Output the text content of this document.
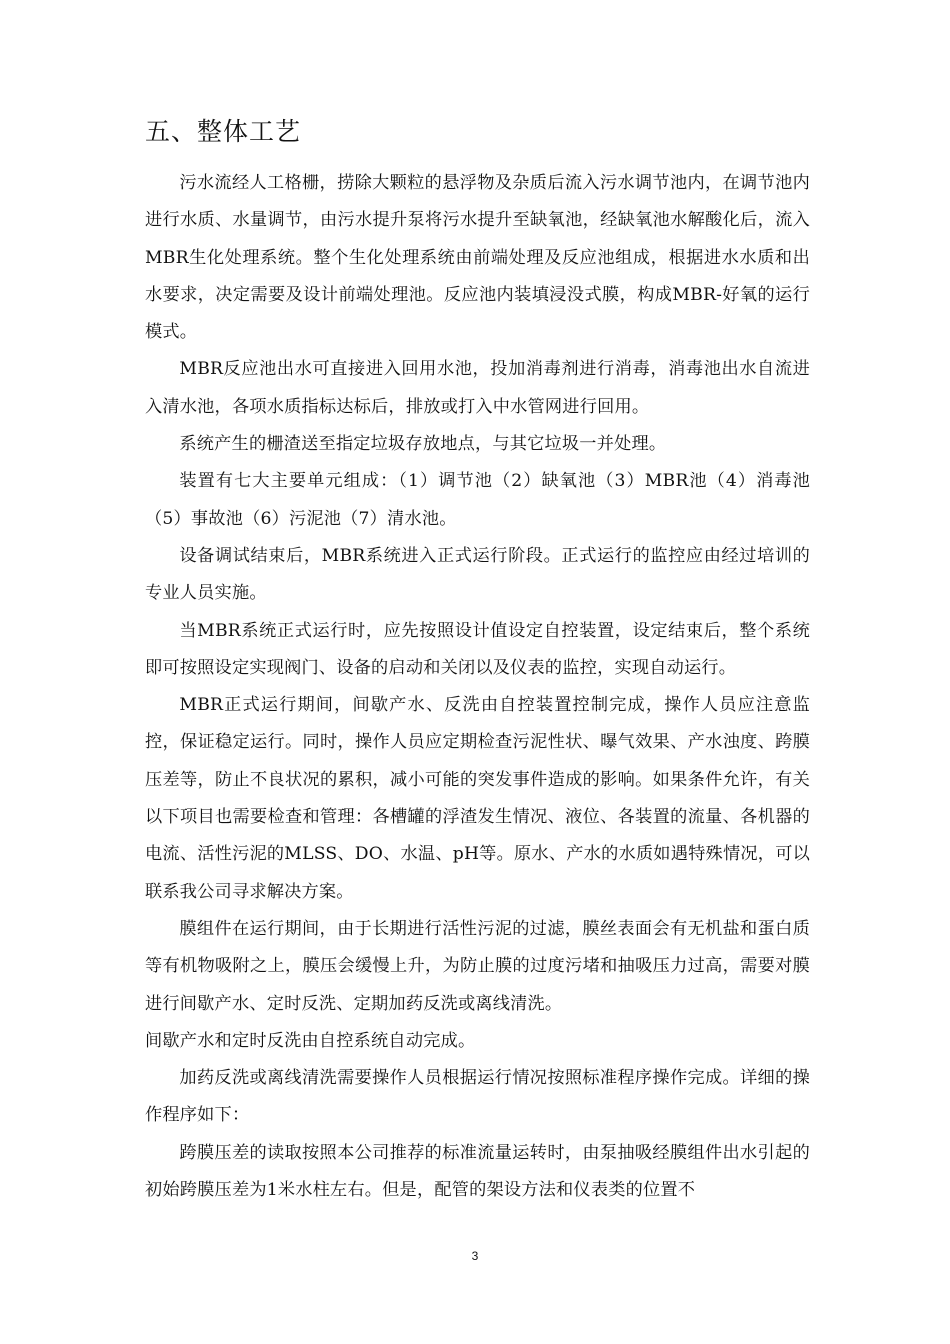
五、整体工艺

污水流经人工格栅，捞除大颗粒的悬浮物及杂质后流入污水调节池内，在调节池内进行水质、水量调节，由污水提升泵将污水提升至缺氧池，经缺氧池水解酸化后，流入MBR生化处理系统。整个生化处理系统由前端处理及反应池组成，根据进水水质和出水要求，决定需要及设计前端处理池。反应池内装填浸没式膜，构成MBR-好氧的运行模式。

MBR反应池出水可直接进入回用水池，投加消毒剂进行消毒，消毒池出水自流进入清水池，各项水质指标达标后，排放或打入中水管网进行回用。

系统产生的栅渣送至指定垃圾存放地点，与其它垃圾一并处理。

装置有七大主要单元组成：（1）调节池（2）缺氧池（3）MBR池（4）消毒池（5）事故池（6）污泥池（7）清水池。

设备调试结束后，MBR系统进入正式运行阶段。正式运行的监控应由经过培训的专业人员实施。

当MBR系统正式运行时，应先按照设计值设定自控装置，设定结束后，整个系统即可按照设定实现阀门、设备的启动和关闭以及仪表的监控，实现自动运行。

MBR正式运行期间，间歇产水、反洗由自控装置控制完成，操作人员应注意监控，保证稳定运行。同时，操作人员应定期检查污泥性状、曝气效果、产水浊度、跨膜压差等，防止不良状况的累积，减小可能的突发事件造成的影响。如果条件允许，有关以下项目也需要检查和管理：各槽罐的浮渣发生情况、液位、各装置的流量、各机器的电流、活性污泥的MLSS、DO、水温、pH等。原水、产水的水质如遇特殊情况，可以联系我公司寻求解决方案。

膜组件在运行期间，由于长期进行活性污泥的过滤，膜丝表面会有无机盐和蛋白质等有机物吸附之上，膜压会缓慢上升，为防止膜的过度污堵和抽吸压力过高，需要对膜进行间歇产水、定时反洗、定期加药反洗或离线清洗。

间歇产水和定时反洗由自控系统自动完成。

加药反洗或离线清洗需要操作人员根据运行情况按照标准程序操作完成。详细的操作程序如下：

跨膜压差的读取按照本公司推荐的标准流量运转时，由泵抽吸经膜组件出水引起的初始跨膜压差为1米水柱左右。但是，配管的架设方法和仪表类的位置不

3
